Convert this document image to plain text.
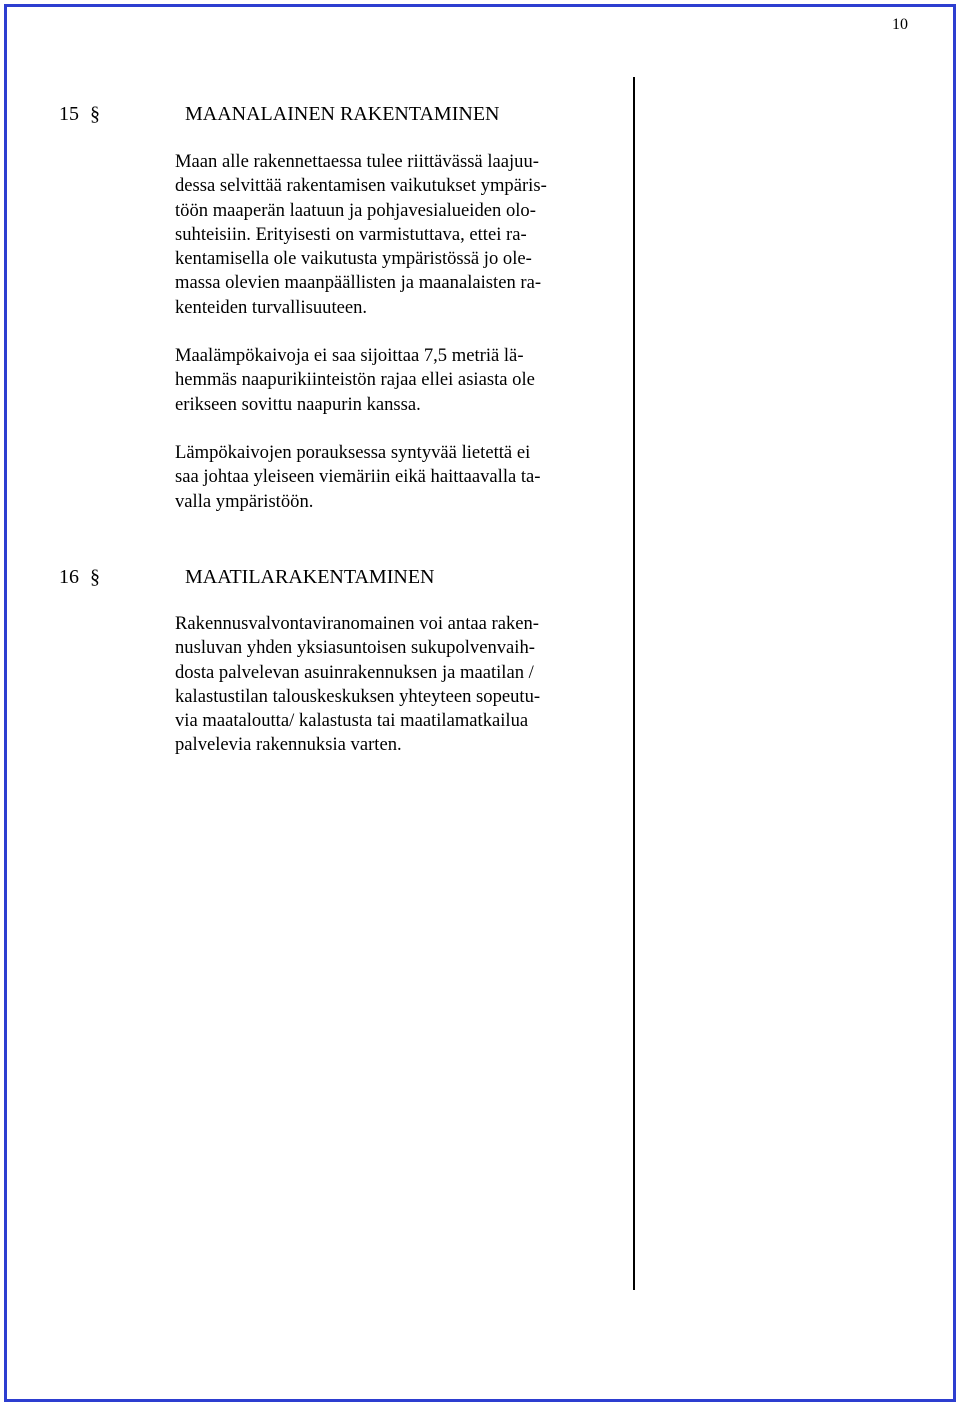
10
15 §	MAANALAINEN RAKENTAMINEN

Maan alle rakennettaessa tulee riittävässä laajuu-
dessa selvittää rakentamisen vaikutukset ympäris-
töön maaperän laatuun ja pohjavesialueiden olo-
suhteisiin. Erityisesti on varmistuttava, ettei ra-
kentamisella ole vaikutusta ympäristössä jo ole-
massa olevien maanpäällisten ja maanalaisten ra-
kenteiden turvallisuuteen.

Maalämpökaivoja ei saa sijoittaa 7,5 metriä lä-
hemmäs naapurikiinteistön rajaa ellei asiasta ole
erikseen sovittu naapurin kanssa.

Lämpökaivojen porauksessa syntyvää lietettä ei
saa johtaa yleiseen viemäriin eikä haittaavalla ta-
valla ympäristöön.

16 §	MAATILARAKENTAMINEN

Rakennusvalvontaviranomainen voi antaa raken-
nusluvan yhden yksiasuntoisen sukupolvenvaih-
dosta palvelevan asuinrakennuksen ja maatilan /
kalastustilan talouskeskuksen yhteyteen sopeutu-
via maataloutta/ kalastusta tai maatilamatkailua
palvelevia rakennuksia varten.
